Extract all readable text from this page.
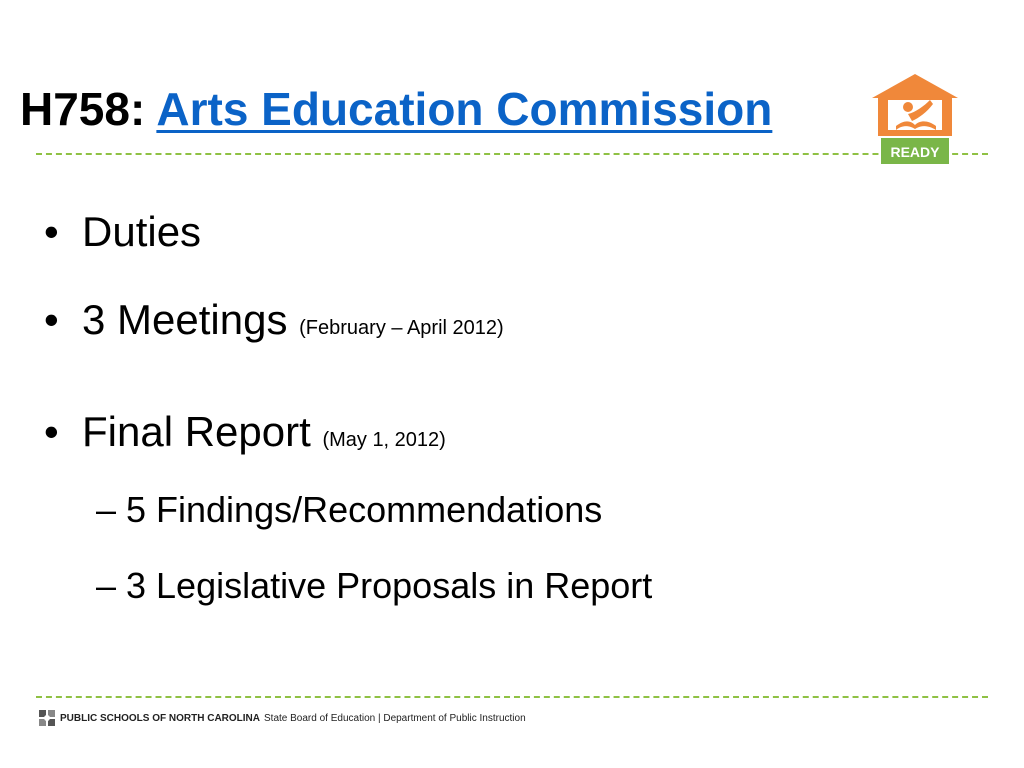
H758: Arts Education Commission
READY
• Duties
• 3 Meetings (February – April 2012)
• Final Report (May 1, 2012)
– 5 Findings/Recommendations
– 3 Legislative Proposals in Report
PUBLIC SCHOOLS OF NORTH CAROLINA State Board of Education | Department of Public Instruction
